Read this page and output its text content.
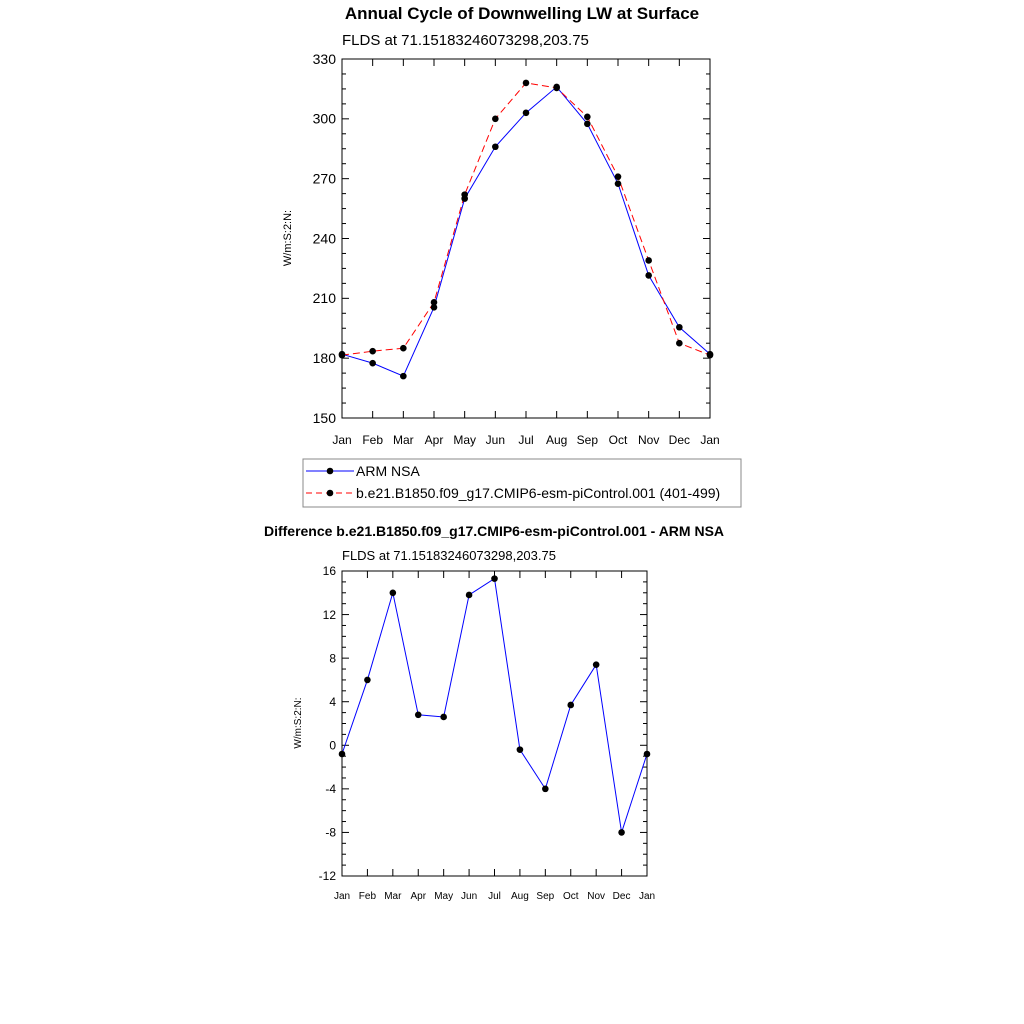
Annual Cycle of Downwelling LW at Surface
FLDS at 71.15183246073298,203.75
W/m:S:2:N:
Jan Feb Mar Apr May Jun Jul Aug Sep Oct Nov Dec Jan
150
180
210
240
270
300
330
ARM NSA
b.e21.B1850.f09_g17.CMIP6-esm-piControl.001 (401-499)
Difference b.e21.B1850.f09_g17.CMIP6-esm-piControl.001 - ARM NSA
FLDS at 71.15183246073298,203.75
W/m:S:2:N:
Jan Feb Mar Apr May Jun Jul Aug Sep Oct Nov Dec Jan
-12
-8
-4
0
4
8
12
16
